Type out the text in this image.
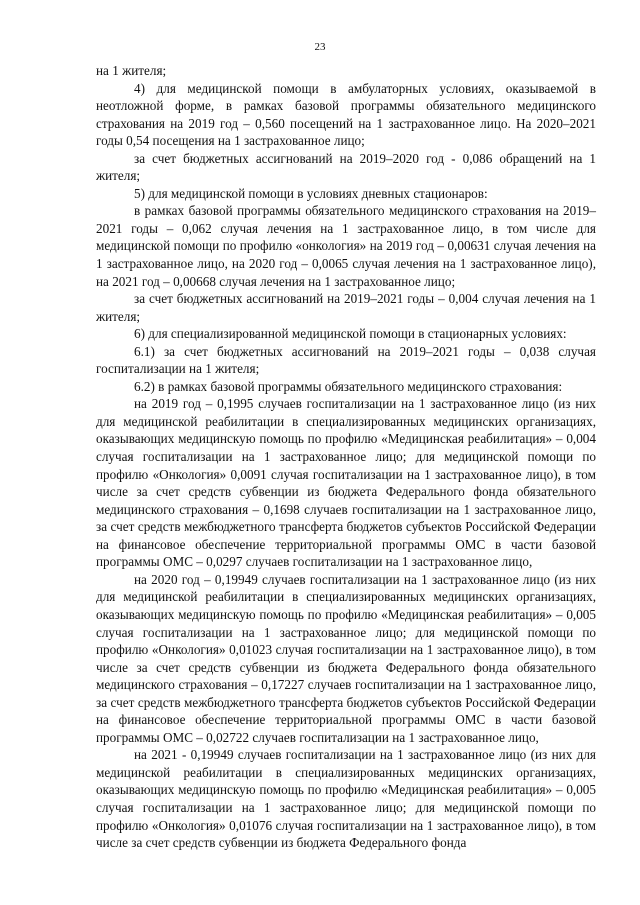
23

на 1 жителя;

4) для медицинской помощи в амбулаторных условиях, оказываемой в неотложной форме, в рамках базовой программы обязательного медицинского страхования на 2019 год – 0,560 посещений на 1 застрахованное лицо. На 2020–2021 годы 0,54 посещения на 1 застрахованное лицо;

за счет бюджетных ассигнований на 2019–2020 год - 0,086 обращений на 1 жителя;

5) для медицинской помощи в условиях дневных стационаров:

в рамках базовой программы обязательного медицинского страхования на 2019–2021 годы – 0,062 случая лечения на 1 застрахованное лицо, в том числе для медицинской помощи по профилю «онкология» на 2019 год – 0,00631 случая лечения на 1 застрахованное лицо, на 2020 год – 0,0065 случая лечения на 1 застрахованное лицо), на 2021 год – 0,00668 случая лечения на 1 застрахованное лицо;

за счет бюджетных ассигнований на 2019–2021 годы – 0,004 случая лечения на 1 жителя;

6) для специализированной медицинской помощи в стационарных условиях:

6.1) за счет бюджетных ассигнований на 2019–2021 годы – 0,038 случая госпитализации на 1 жителя;

6.2) в рамках базовой программы обязательного медицинского страхования:

на 2019 год – 0,1995 случаев госпитализации на 1 застрахованное лицо (из них для медицинской реабилитации в специализированных медицинских организациях, оказывающих медицинскую помощь по профилю «Медицинская реабилитация» – 0,004 случая госпитализации на 1 застрахованное лицо; для медицинской помощи по профилю «Онкология» 0,0091 случая госпитализации на 1 застрахованное лицо), в том числе за счет средств субвенции из бюджета Федерального фонда обязательного медицинского страхования – 0,1698 случаев госпитализации на 1 застрахованное лицо, за счет средств межбюджетного трансферта бюджетов субъектов Российской Федерации на финансовое обеспечение территориальной программы ОМС в части базовой программы ОМС – 0,0297 случаев госпитализации на 1 застрахованное лицо,

на 2020 год – 0,19949 случаев госпитализации на 1 застрахованное лицо (из них для медицинской реабилитации в специализированных медицинских организациях, оказывающих медицинскую помощь по профилю «Медицинская реабилитация» – 0,005 случая госпитализации на 1 застрахованное лицо; для медицинской помощи по профилю «Онкология» 0,01023 случая госпитализации на 1 застрахованное лицо), в том числе за счет средств субвенции из бюджета Федерального фонда обязательного медицинского страхования – 0,17227 случаев госпитализации на 1 застрахованное лицо, за счет средств межбюджетного трансферта бюджетов субъектов Российской Федерации на финансовое обеспечение территориальной программы ОМС в части базовой программы ОМС – 0,02722 случаев госпитализации на 1 застрахованное лицо,

на 2021 - 0,19949 случаев госпитализации на 1 застрахованное лицо (из них для медицинской реабилитации в специализированных медицинских организациях, оказывающих медицинскую помощь по профилю «Медицинская реабилитация» – 0,005 случая госпитализации на 1 застрахованное лицо; для медицинской помощи по профилю «Онкология» 0,01076 случая госпитализации на 1 застрахованное лицо), в том числе за счет средств субвенции из бюджета Федерального фонда
